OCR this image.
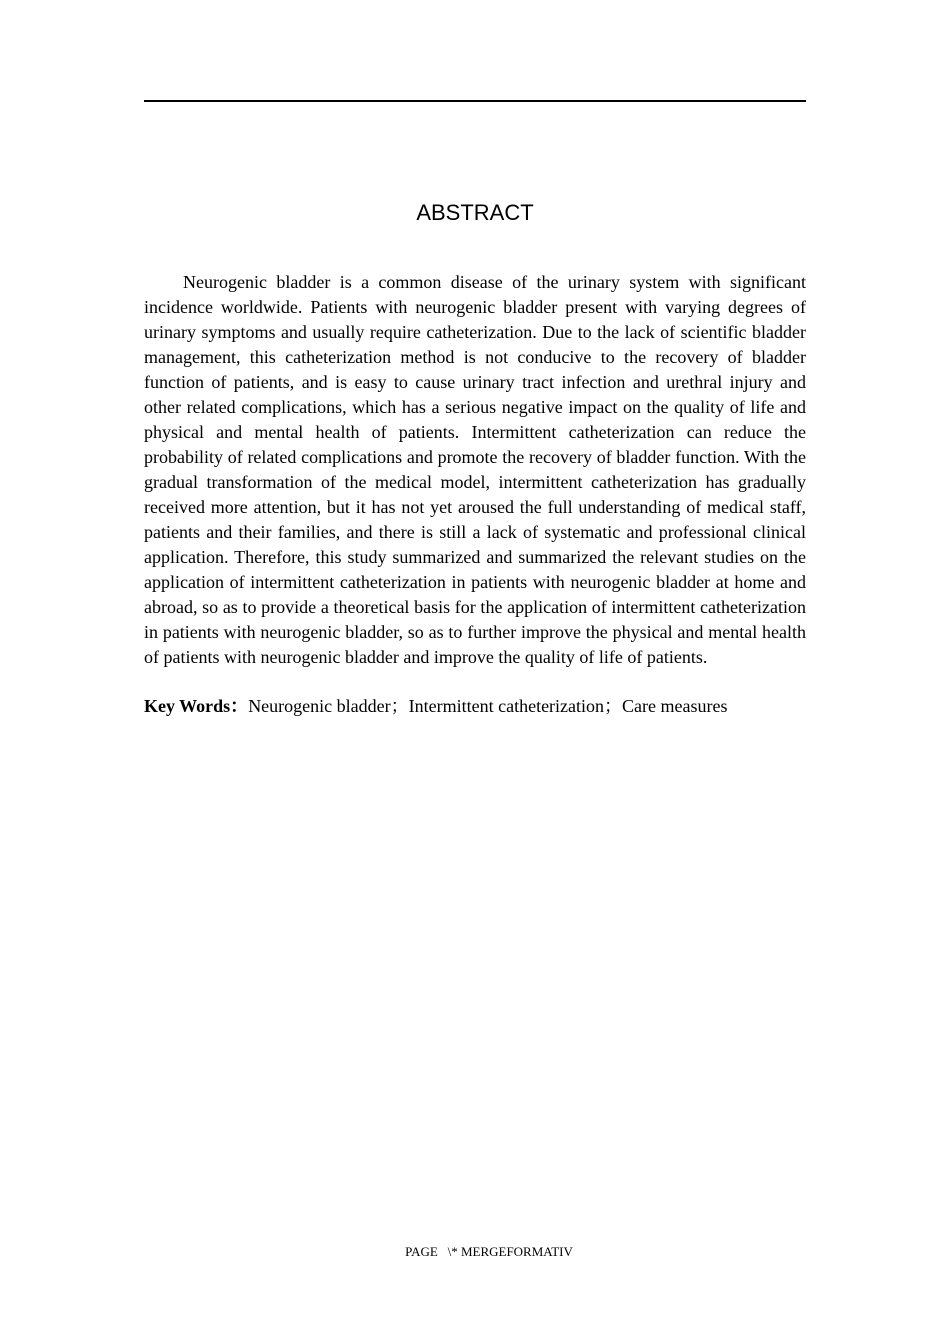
ABSTRACT

Neurogenic bladder is a common disease of the urinary system with significant incidence worldwide. Patients with neurogenic bladder present with varying degrees of urinary symptoms and usually require catheterization. Due to the lack of scientific bladder management, this catheterization method is not conducive to the recovery of bladder function of patients, and is easy to cause urinary tract infection and urethral injury and other related complications, which has a serious negative impact on the quality of life and physical and mental health of patients. Intermittent catheterization can reduce the probability of related complications and promote the recovery of bladder function. With the gradual transformation of the medical model, intermittent catheterization has gradually received more attention, but it has not yet aroused the full understanding of medical staff, patients and their families, and there is still a lack of systematic and professional clinical application. Therefore, this study summarized and summarized the relevant studies on the application of intermittent catheterization in patients with neurogenic bladder at home and abroad, so as to provide a theoretical basis for the application of intermittent catheterization in patients with neurogenic bladder, so as to further improve the physical and mental health of patients with neurogenic bladder and improve the quality of life of patients.

Key Words：Neurogenic bladder；Intermittent catheterization；Care measures
PAGE   \* MERGEFORMATIV
